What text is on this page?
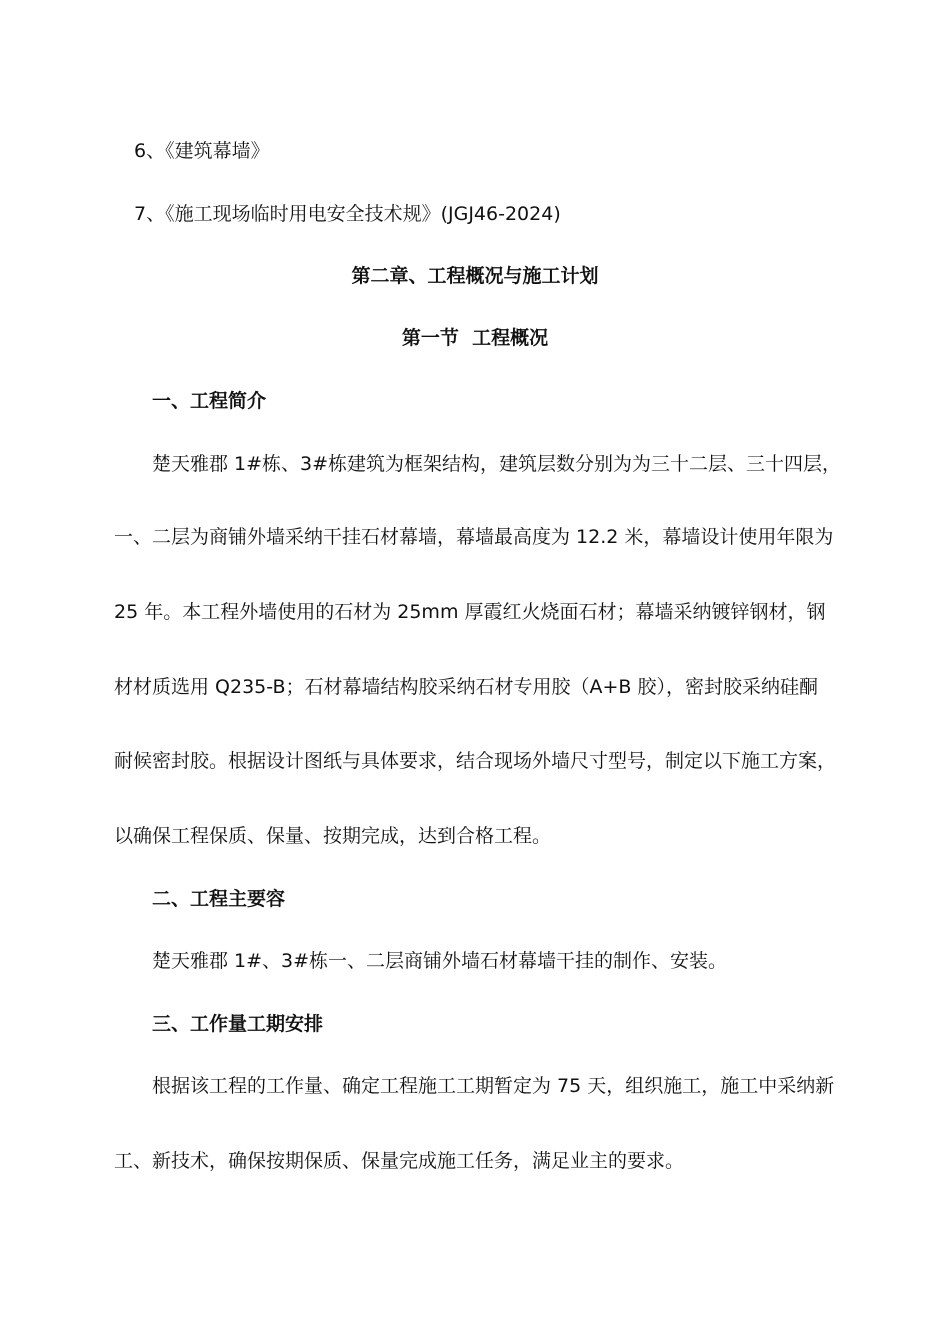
6、《建筑幕墙》
7、《施工现场临时用电安全技术规》(JGJ46-2024)
第二章、工程概况与施工计划
第一节  工程概况
一、工程简介
楚天雅郡 1#栋、3#栋建筑为框架结构，建筑层数分别为为三十二层、三十四层，
一、二层为商铺外墙采纳干挂石材幕墙，幕墙最高度为 12.2 米，幕墙设计使用年限为
25 年。本工程外墙使用的石材为 25mm 厚霞红火烧面石材；幕墙采纳镀锌钢材，钢
材材质选用 Q235-B；石材幕墙结构胶采纳石材专用胶（A+B 胶），密封胶采纳硅酮
耐候密封胶。根据设计图纸与具体要求，结合现场外墙尺寸型号，制定以下施工方案，
以确保工程保质、保量、按期完成，达到合格工程。
二、工程主要容
楚天雅郡 1#、3#栋一、二层商铺外墙石材幕墙干挂的制作、安装。
三、工作量工期安排
根据该工程的工作量、确定工程施工工期暂定为 75 天，组织施工，施工中采纳新
工、新技术，确保按期保质、保量完成施工任务，满足业主的要求。
